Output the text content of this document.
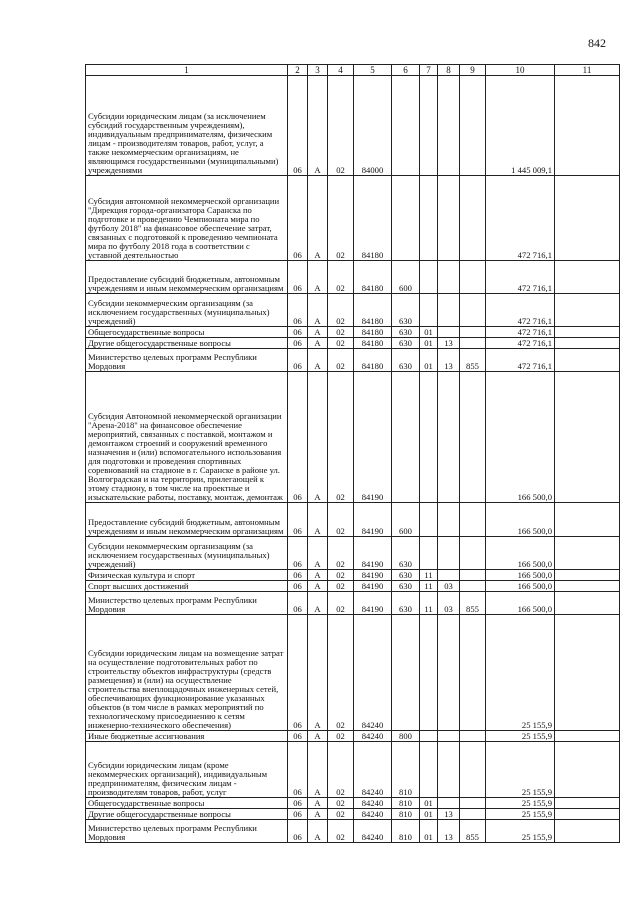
842
1	2	3	4	5	6	7	8	9	10	11
Субсидии юридическим лицам (за исключением субсидий государственным учреждениям), индивидуальным предпринимателям, физическим лицам - производителям товаров, работ, услуг, а также некоммерческим организациям, не являющимся государственными (муниципальными) учреждениями	06	А	02	84000					1 445 009,1	
Субсидия автономной некоммерческой организации "Дирекция города-организатора Саранска по подготовке и проведению Чемпионата мира по футболу 2018" на финансовое обеспечение затрат, связанных с подготовкой к проведению чемпионата мира по футболу 2018 года в соответствии с уставной деятельностью	06	А	02	84180					472 716,1	
Предоставление субсидий бюджетным, автономным учреждениям и иным некоммерческим организациям	06	А	02	84180	600				472 716,1	
Субсидии некоммерческим организациям (за исключением государственных (муниципальных) учреждений)	06	А	02	84180	630				472 716,1	
Общегосударственные вопросы	06	А	02	84180	630	01			472 716,1	
Другие общегосударственные вопросы	06	А	02	84180	630	01	13		472 716,1	
Министерство целевых программ Республики Мордовия	06	А	02	84180	630	01	13	855	472 716,1	
Субсидия Автономной некоммерческой организации "Арена-2018" на финансовое обеспечение мероприятий, связанных с поставкой, монтажом и демонтажом строений и сооружений временного назначения и (или) вспомогательного использования для подготовки и проведения спортивных соревнований на стадионе в г. Саранске в районе ул. Волгоградская и на территории, прилегающей к этому стадиону, в том числе на проектные и изыскательские работы, поставку, монтаж, демонтаж	06	А	02	84190					166 500,0	
Предоставление субсидий бюджетным, автономным учреждениям и иным некоммерческим организациям	06	А	02	84190	600				166 500,0	
Субсидии некоммерческим организациям (за исключением государственных (муниципальных) учреждений)	06	А	02	84190	630				166 500,0	
Физическая культура и спорт	06	А	02	84190	630	11			166 500,0	
Спорт высших достижений	06	А	02	84190	630	11	03		166 500,0	
Министерство целевых программ Республики Мордовия	06	А	02	84190	630	11	03	855	166 500,0	
Субсидии юридическим лицам на возмещение затрат на осуществление подготовительных работ по строительству объектов инфраструктуры (средств размещения) и (или) на осуществление строительства внеплощадочных инженерных сетей, обеспечивающих функционирование указанных объектов (в том числе в рамках мероприятий по технологическому присоединению к сетям инженерно-технического обеспечения)	06	А	02	84240					25 155,9	
Иные бюджетные ассигнования	06	А	02	84240	800				25 155,9	
Субсидии юридическим лицам (кроме некоммерческих организаций), индивидуальным предпринимателям, физическим лицам - производителям товаров, работ, услуг	06	А	02	84240	810				25 155,9	
Общегосударственные вопросы	06	А	02	84240	810	01			25 155,9	
Другие общегосударственные вопросы	06	А	02	84240	810	01	13		25 155,9	
Министерство целевых программ Республики Мордовия	06	А	02	84240	810	01	13	855	25 155,9	
